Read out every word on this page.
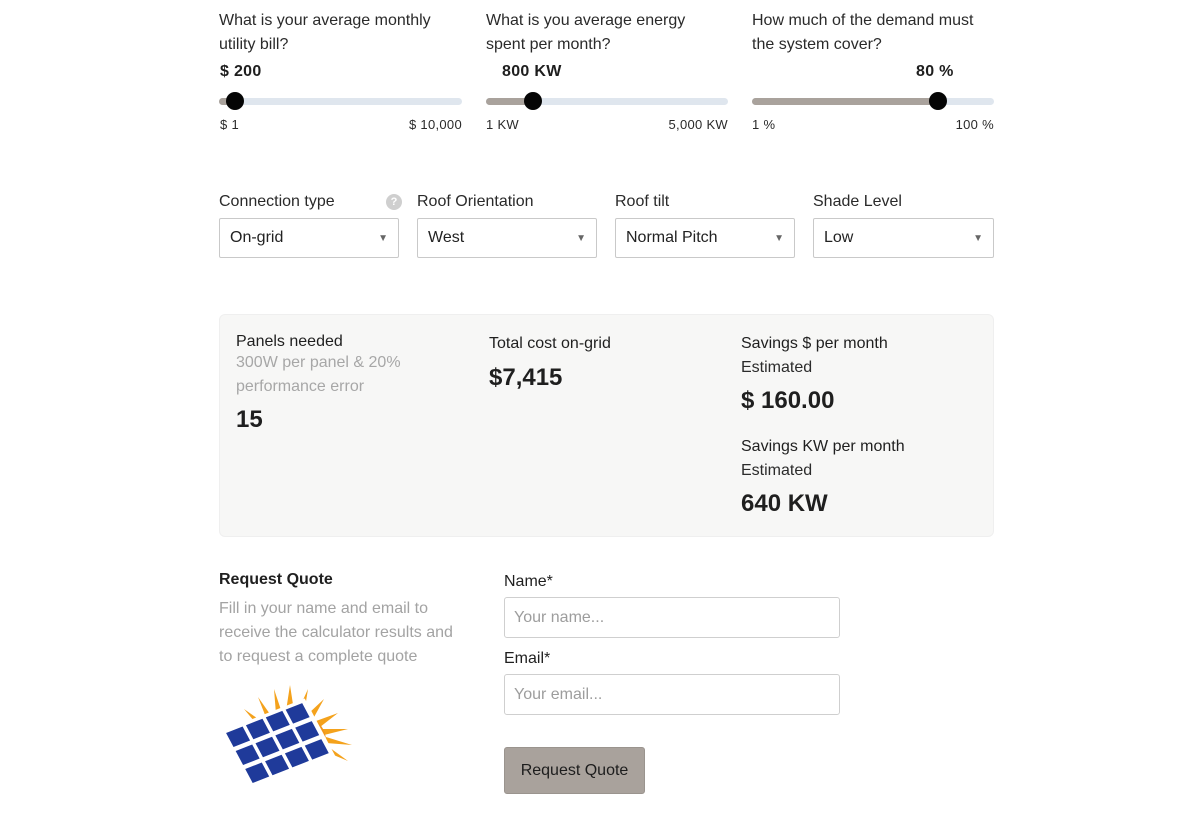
What is your average monthly
utility bill?
$ 200
$ 1	$ 10,000
What is you average energy
spent per month?
800 KW
1 KW	5,000 KW
How much of the demand must
the system cover?
80 %
1 %	100 %
Connection type	?
On-grid	▼
Roof Orientation
West	▼
Roof tilt
Normal Pitch	▼
Shade Level
Low	▼
Panels needed
300W per panel & 20%
performance error
15
Total cost on-grid
$7,415
Savings $ per month
Estimated
$ 160.00
Savings KW per month
Estimated
640 KW
Request Quote
Fill in your name and email to
receive the calculator results and
to request a complete quote
Name*
Your name...
Email*
Your email...
Request Quote
